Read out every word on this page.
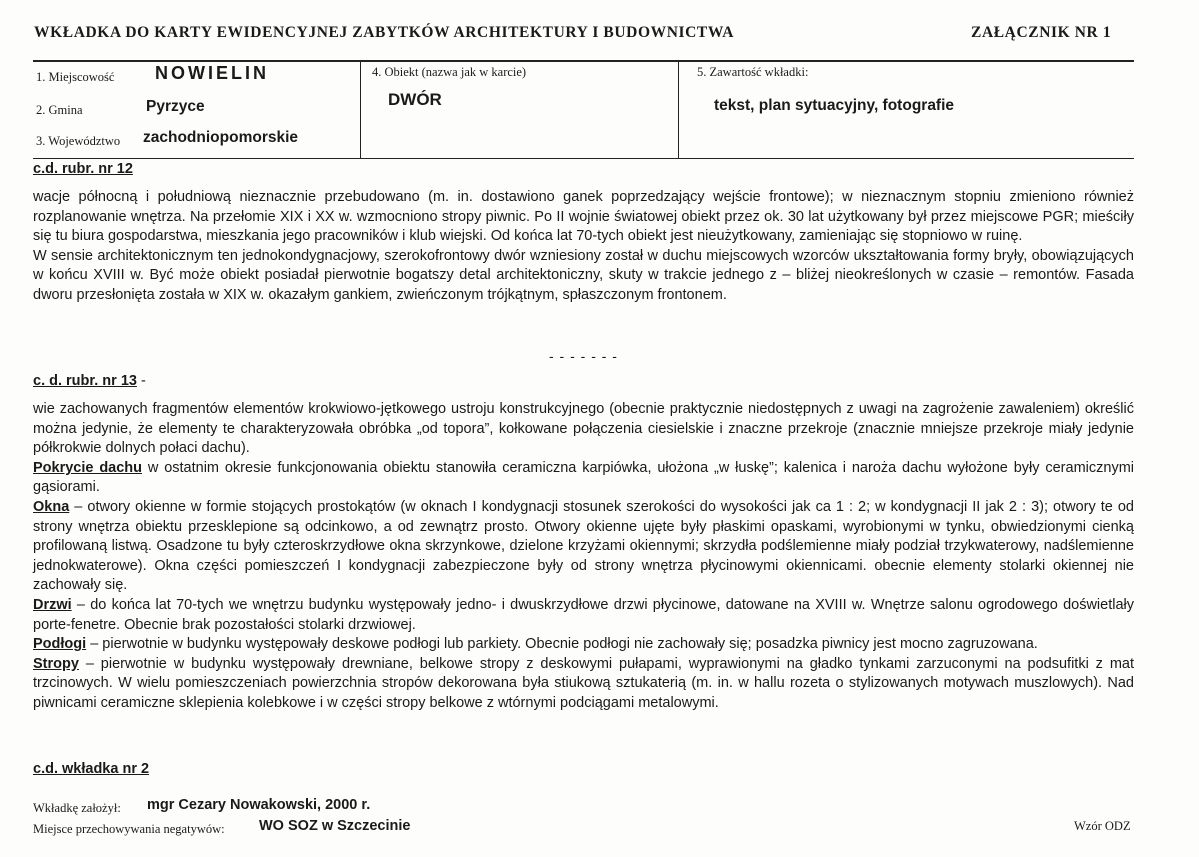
WKŁADKA DO KARTY EWIDENCYJNEJ ZABYTKÓW ARCHITEKTURY I BUDOWNICTWA	ZAŁĄCZNIK NR 1
1. Miejscowość NOWIELIN
2. Gmina	Pyrzyce
3. Województwo zachodniopomorskie
4. Obiekt (nazwa jak w karcie)
DWÓR
5. Zawartość wkładki:
tekst, plan sytuacyjny, fotografie
c.d. rubr. nr 12

wacje północną i południową nieznacznie przebudowano (m. in. dostawiono ganek poprzedzający wejście frontowe); w nieznacznym stopniu zmieniono również rozplanowanie wnętrza. Na przełomie XIX i XX w. wzmocniono stropy piwnic. Po II wojnie światowej obiekt przez ok. 30 lat użytkowany był przez miejscowe PGR; mieściły się tu biura gospodarstwa, mieszkania jego pracowników i klub wiejski. Od końca lat 70-tych obiekt jest nieużytkowany, zamieniając się stopniowo w ruinę.

W sensie architektonicznym ten jednokondygnacjowy, szerokofrontowy dwór wzniesiony został w duchu miejscowych wzorców ukształtowania formy bryły, obowiązujących w końcu XVIII w. Być może obiekt posiadał pierwotnie bogatszy detal architektoniczny, skuty w trakcie jednego z – bliżej nieokreślonych w czasie – remontów. Fasada dworu przesłonięta została w XIX w. okazałym gankiem, zwieńczonym trójkątnym, spłaszczonym frontonem.

- - - - - - -
c. d. rubr. nr 13 -

wie zachowanych fragmentów elementów krokwiowo-jętkowego ustroju konstrukcyjnego (obecnie praktycznie niedostępnych z uwagi na zagrożenie zawaleniem) określić można jedynie, że elementy te charakteryzowała obróbka „od topora”, kołkowane połączenia ciesielskie i znaczne przekroje (znacznie mniejsze przekroje miały jedynie półkrokwie dolnych połaci dachu).

Pokrycie dachu w ostatnim okresie funkcjonowania obiektu stanowiła ceramiczna karpiówka, ułożona „w łuskę”; kalenica i naroża dachu wyłożone były ceramicznymi gąsiorami.

Okna – otwory okienne w formie stojących prostokątów (w oknach I kondygnacji stosunek szerokości do wysokości jak ca 1 : 2; w kondygnacji II jak 2 : 3); otwory te od strony wnętrza obiektu przesklepione są odcinkowo, a od zewnątrz prosto. Otwory okienne ujęte były płaskimi opaskami, wyrobionymi w tynku, obwiedzionymi cienką profilowaną listwą. Osadzone tu były czteroskrzydłowe okna skrzynkowe, dzielone krzyżami okiennymi; skrzydła podślemienne miały podział trzykwaterowy, nadślemienne jednokwaterowe). Okna części pomieszczeń I kondygnacji zabezpieczone były od strony wnętrza płycinowymi okiennicami. obecnie elementy stolarki okiennej nie zachowały się.

Drzwi – do końca lat 70-tych we wnętrzu budynku występowały jedno- i dwuskrzydłowe drzwi płycinowe, datowane na XVIII w. Wnętrze salonu ogrodowego doświetlały porte-fenetre. Obecnie brak pozostałości stolarki drzwiowej.

Podłogi – pierwotnie w budynku występowały deskowe podłogi lub parkiety. Obecnie podłogi nie zachowały się; posadzka piwnicy jest mocno zagruzowana.

Stropy – pierwotnie w budynku występowały drewniane, belkowe stropy z deskowymi pułapami, wyprawionymi na gładko tynkami zarzuconymi na podsufitki z mat trzcinowych. W wielu pomieszczeniach powierzchnia stropów dekorowana była stiukową sztukaterią (m. in. w hallu rozeta o stylizowanych motywach muszlowych). Nad piwnicami ceramiczne sklepienia kolebkowe i w części stropy belkowe z wtórnymi podciągami metalowymi.

c.d. wkładka nr 2
Wkładkę założył: mgr Cezary Nowakowski, 2000 r.
Miejsce przechowywania negatywów: WO SOZ w Szczecinie	Wzór ODZ
